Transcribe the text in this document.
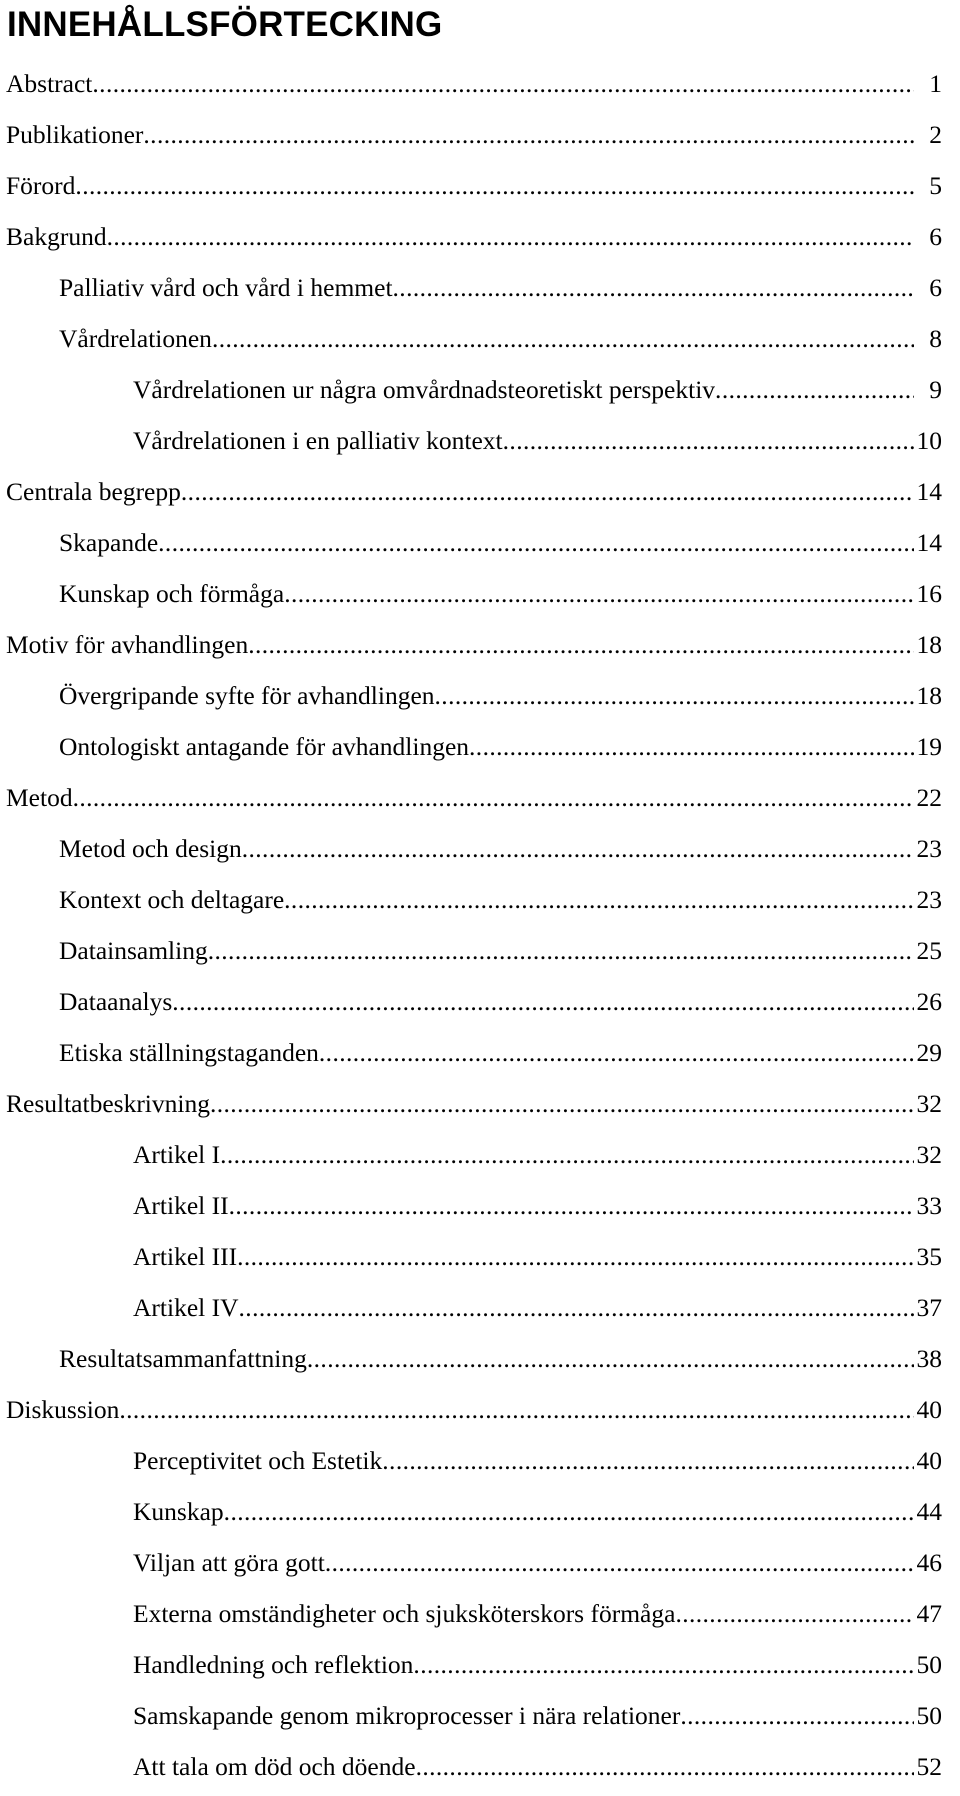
INNEHÅLLSFÖRTECKING
Abstract .....	1
Publikationer .....	2
Förord .....	5
Bakgrund .....	6
Palliativ vård och vård i hemmet .....	6
Vårdrelationen .....	8
Vårdrelationen ur några omvårdnadsteoretiskt perspektiv .....	9
Vårdrelationen i en palliativ kontext .....	10
Centrala begrepp .....	14
Skapande .....	14
Kunskap och förmåga .....	16
Motiv för avhandlingen .....	18
Övergripande syfte för avhandlingen .....	18
Ontologiskt antagande för avhandlingen .....	19
Metod .....	22
Metod och design .....	23
Kontext och deltagare .....	23
Datainsamling .....	25
Dataanalys .....	26
Etiska ställningstaganden .....	29
Resultatbeskrivning .....	32
Artikel I .....	32
Artikel II .....	33
Artikel III .....	35
Artikel IV .....	37
Resultatsammanfattning .....	38
Diskussion .....	40
Perceptivitet och Estetik .....	40
Kunskap .....	44
Viljan att göra gott .....	46
Externa omständigheter och sjuksköterskors förmåga .....	47
Handledning och reflektion .....	50
Samskapande genom mikroprocesser i nära relationer .....	50
Att tala om död och döende .....	52
